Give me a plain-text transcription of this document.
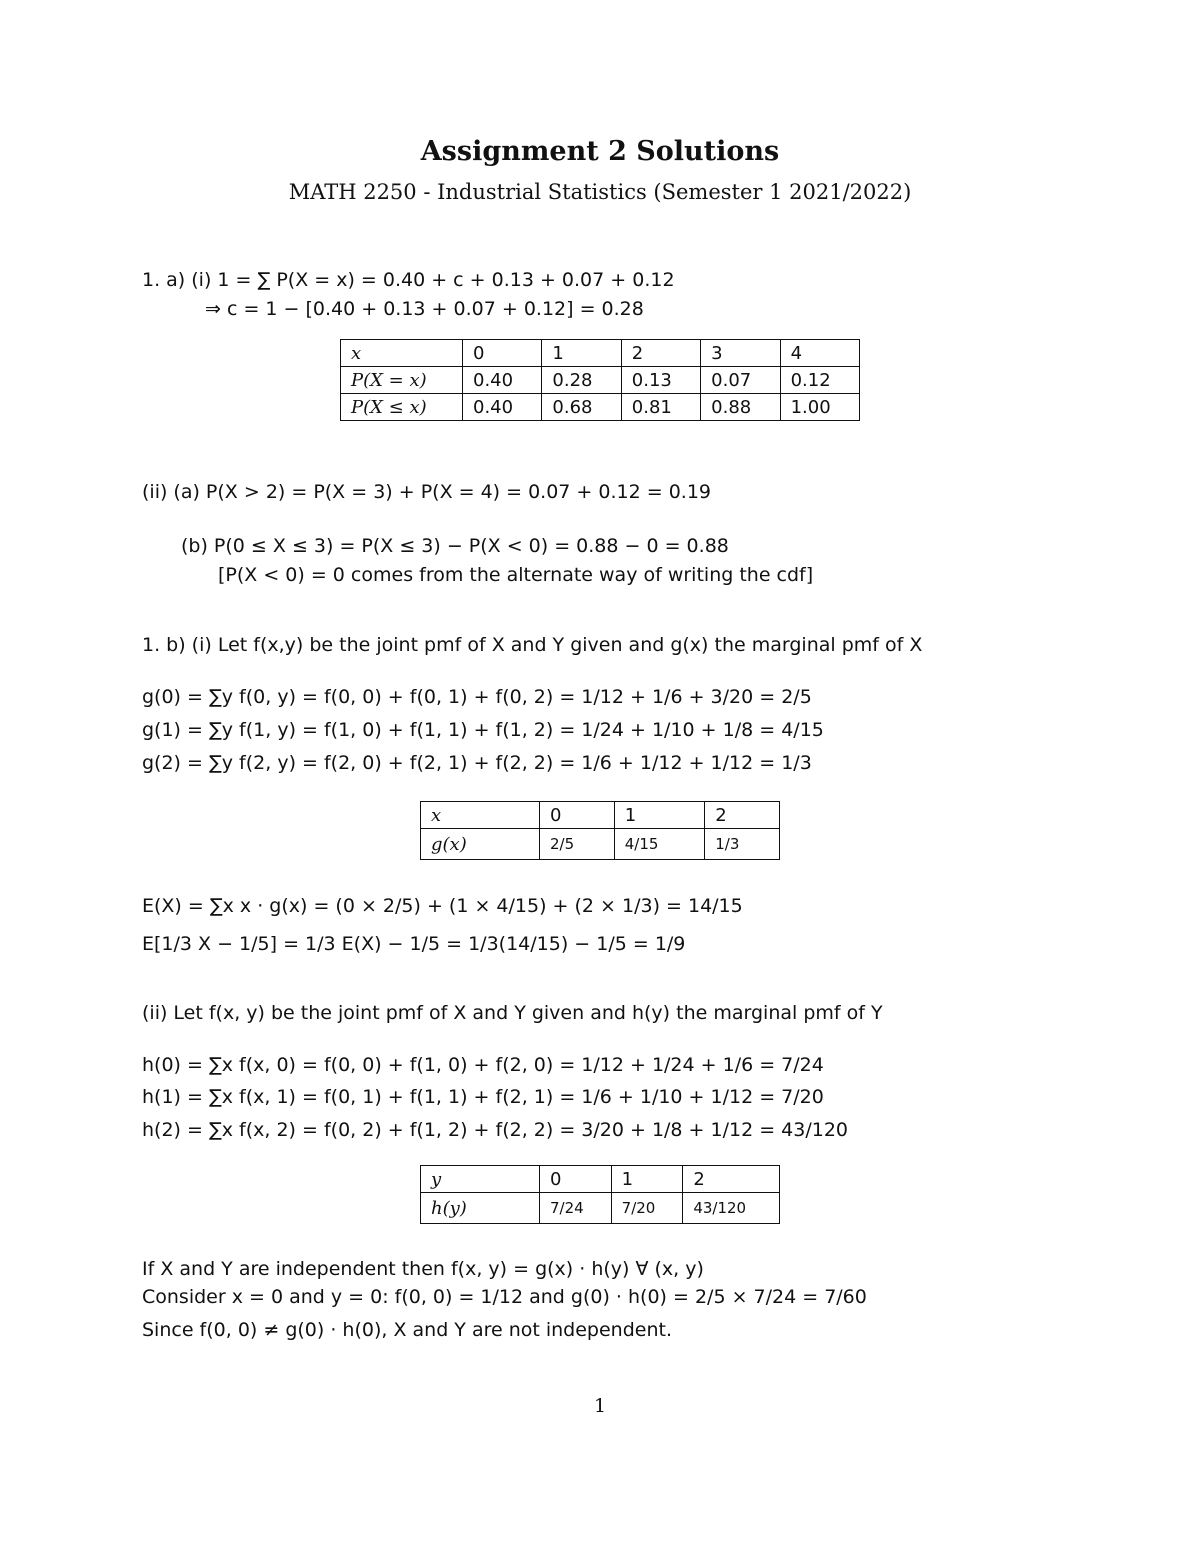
Assignment 2 Solutions
MATH 2250 - Industrial Statistics (Semester 1 2021/2022)
1. a) (i) 1 = ∑ P(X = x) = 0.40 + c + 0.13 + 0.07 + 0.12
⇒ c = 1 − [0.40 + 0.13 + 0.07 + 0.12] = 0.28
x	0	1	2	3	4
P(X = x)	0.40	0.28	0.13	0.07	0.12
P(X ≤ x)	0.40	0.68	0.81	0.88	1.00
(ii) (a) P(X > 2) = P(X = 3) + P(X = 4) = 0.07 + 0.12 = 0.19
(b) P(0 ≤ X ≤ 3) = P(X ≤ 3) − P(X < 0) = 0.88 − 0 = 0.88
[P(X < 0) = 0 comes from the alternate way of writing the cdf]
1. b) (i) Let f(x,y) be the joint pmf of X and Y given and g(x) the marginal pmf of X
g(0) = ∑y f(0, y) = f(0, 0) + f(0, 1) + f(0, 2) = 1/12 + 1/6 + 3/20 = 2/5
g(1) = ∑y f(1, y) = f(1, 0) + f(1, 1) + f(1, 2) = 1/24 + 1/10 + 1/8 = 4/15
g(2) = ∑y f(2, y) = f(2, 0) + f(2, 1) + f(2, 2) = 1/6 + 1/12 + 1/12 = 1/3
x	0	1	2
g(x)	2/5	4/15	1/3
E(X) = ∑x x · g(x) = (0 × 2/5) + (1 × 4/15) + (2 × 1/3) = 14/15
E[1/3 X − 1/5] = 1/3 E(X) − 1/5 = 1/3(14/15) − 1/5 = 1/9
(ii) Let f(x, y) be the joint pmf of X and Y given and h(y) the marginal pmf of Y
h(0) = ∑x f(x, 0) = f(0, 0) + f(1, 0) + f(2, 0) = 1/12 + 1/24 + 1/6 = 7/24
h(1) = ∑x f(x, 1) = f(0, 1) + f(1, 1) + f(2, 1) = 1/6 + 1/10 + 1/12 = 7/20
h(2) = ∑x f(x, 2) = f(0, 2) + f(1, 2) + f(2, 2) = 3/20 + 1/8 + 1/12 = 43/120
y	0	1	2
h(y)	7/24	7/20	43/120
If X and Y are independent then f(x, y) = g(x) · h(y) ∀ (x, y)
Consider x = 0 and y = 0: f(0, 0) = 1/12 and g(0) · h(0) = 2/5 × 7/24 = 7/60
Since f(0, 0) ≠ g(0) · h(0), X and Y are not independent.
1
